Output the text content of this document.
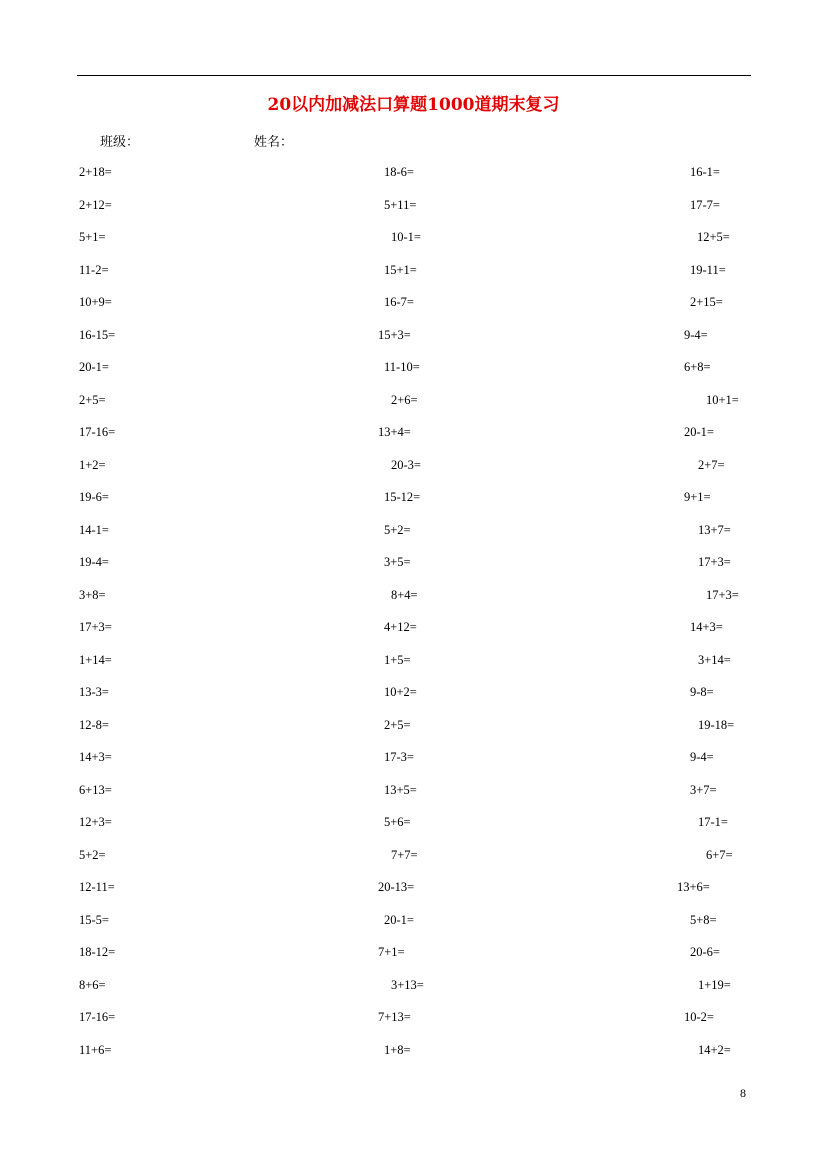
20以内加减法口算题1000道期末复习
班级：	姓名：
2+18=	18-6=	16-1=
2+12=	5+11=	17-7=
5+1=	10-1=	12+5=
11-2=	15+1=	19-11=
10+9=	16-7=	2+15=
16-15=	15+3=	9-4=
20-1=	11-10=	6+8=
2+5=	2+6=	10+1=
17-16=	13+4=	20-1=
1+2=	20-3=	2+7=
19-6=	15-12=	9+1=
14-1=	5+2=	13+7=
19-4=	3+5=	17+3=
3+8=	8+4=	17+3=
17+3=	4+12=	14+3=
1+14=	1+5=	3+14=
13-3=	10+2=	9-8=
12-8=	2+5=	19-18=
14+3=	17-3=	9-4=
6+13=	13+5=	3+7=
12+3=	5+6=	17-1=
5+2=	7+7=	6+7=
12-11=	20-13=	13+6=
15-5=	20-1=	5+8=
18-12=	7+1=	20-6=
8+6=	3+13=	1+19=
17-16=	7+13=	10-2=
11+6=	1+8=	14+2=
8
